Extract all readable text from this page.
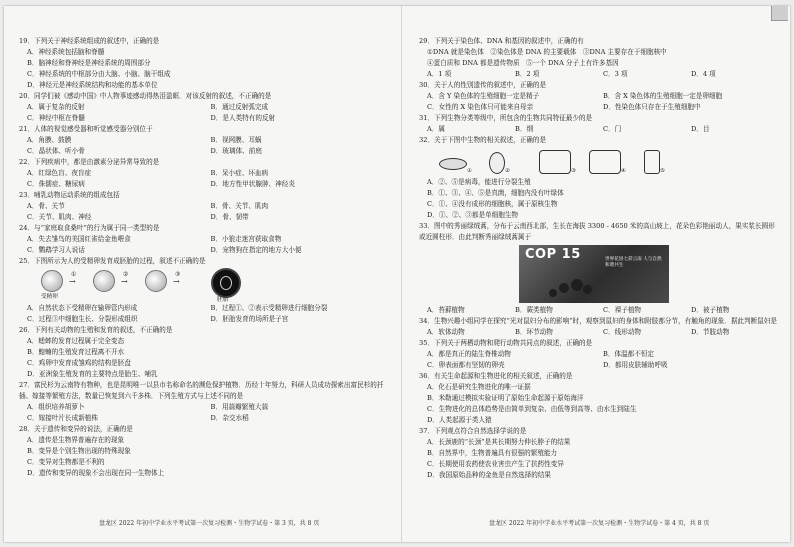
19．下列关于神经系统组成的叙述中，正确的是
A．神经系统包括脑和脊髓
B．脑神经和脊神经是神经系统的周围部分
C．神经系统的中枢部分由大脑、小脑、脑干组成
D．神经元是神经系统结构和功能的基本单位
20．同学们被《感动中国》中人物事迹感动得热泪盈眶．对该反射的叙述，不正确的是
A．属于复杂的反射	B．通过反射弧完成
C．神经中枢在脊髓	D．是人类特有的反射
21．人体的视觉感受器和听觉感受器分别位于
A．角膜、鼓膜	B．视网膜、耳蜗
C．晶状体、听小骨	D．玻璃体、前庭
22．下列疾病中，都是由激素分泌异常导致的是
A．红绿色盲、夜盲症	B．呆小症、坏血病
C．侏儒症、糖尿病	D．地方性甲状腺肿、神经炎
23．哺乳动物运动系统的组成包括
A．骨、关节	B．骨、关节、肌肉
C．关节、肌肉、神经	D．骨、韧带
24．与“家庭取食桑叶”的行为属于同一类型的是
A．失去雏鸟的美国红雀给金鱼喂食	B．小狼走迷宫获取食物
C．鹦鹉学习人说话	D．宠物狗在指定的地方大小便
25．下图所示为人的受精卵发育成胚胎的过程，叙述不正确的是
→
①
→
②
→
③
受精卵	胚胎
A．自然状态下受精卵在输卵管内形成	B．过程①、②表示受精卵进行细胞分裂
C．过程③中细胞生长、分裂形成组织	D．胚胎发育的场所是子宫
26．下列有关动物的生殖和发育的叙述，不正确的是
A．蟋蟀的发育过程属于完全变态
B．蝗蝻的生殖发育过程离不开水
C．鸡卵中发育成雏鸡的结构是胚盘
D．亚洲象生殖发育的主要特点是胎生、哺乳
27．富民杉为云南特有物种，也是昆明唯一以县市名称命名的濒危保护植物．历经十年努力，科研人员成功探索出富民杉的扦插、嫁接等繁殖方法，数量已恢复到六千多株．下列生殖方式与上述不同的是
A．组织培养胡萝卜	B．用蒜瓣繁殖大蒜
C．嫁接叶片长成新植株	D．杂交水稻
28．关于遗传和变异的说法，正确的是
A．遗传是生物界普遍存在的现象
B．变异是个别生物出现的特殊现象
C．变异对生物都是不利的
D．遗传和变异的现象不会出现在同一生物体上
29．下列关于染色体、DNA 和基因的叙述中，正确的有
①DNA 就是染色体　②染色体是 DNA 的主要载体　③DNA 主要存在于细胞核中
④蛋白质和 DNA 都是遗传物质　⑤一个 DNA 分子上有许多基因
A．1 项	B．2 项	C．3 项	D．4 项
30．关于人的性别遗传的叙述中，正确的是
A．含 Y 染色体的生殖细胞一定是精子	B．含 X 染色体的生殖细胞一定是卵细胞
C．女性的 X 染色体只可能来自母亲	D．性染色体只存在于生殖细胞中
31．下列生物分类等级中，所包含的生物共同特征最少的是
A．属	B．纲	C．门	D．目
32．关于下图中生物的相关叙述，正确的是
①	②	③	④	⑤
A．②、⑤是病毒，能进行分裂生殖
B．①、③、④、⑤是真菌，细胞内没有叶绿体
C．①、④没有成形的细胞核，属于原核生物
D．①、②、③都是单细胞生物
33．图中的秀丽绿绒蒿，分布于云南西北部，生长在海拔 3300 - 4650 米的高山坡上，花朵色彩艳丽动人，果实浆长圆形或近圆柱形．由此判断秀丽绿绒蒿属于
COP 15	世界花园七彩云南 人与自然和谐共生
A．苔藓植物	B．蕨类植物	C．裸子植物	D．被子植物
34．生物兴趣小组同学在探究“光对鼠妇分布的影响”时，观察到鼠妇的身体和附肢都分节，有触角的现象．据此判断鼠妇是
A．软体动物	B．环节动物	C．线形动物	D．节肢动物
35．下列关于两栖动物和爬行动物共同点的叙述，正确的是
A．都是真正的陆生脊椎动物	B．体温都不恒定
C．卵表面都有坚韧的卵壳	D．都用皮肤辅助呼吸
36．有关生命起源和生物进化的相关叙述，正确的是
A．化石是研究生物进化的唯一证据
B．米勒通过模拟实验证明了原始生命起源于原始海洋
C．生物进化的总体趋势是由简单到复杂、由低等到高等、由水生到陆生
D．人类起源于类人猿
37．下列观点符合自然选择学说的是
A．长颈鹿的“长颈”是其长期努力伸长脖子的结果
B．自然界中，生物普遍具有很强的繁殖能力
C．长期使用农药使农业害虫产生了抗药性变异
D．我国原始品种的金鱼是自然选择的结果
盘龙区 2022 年初中学业水平考试第一次复习检测・生物学试卷・第 3 页，共 8 页	盘龙区 2022 年初中学业水平考试第一次复习检测・生物学试卷・第 4 页，共 8 页
